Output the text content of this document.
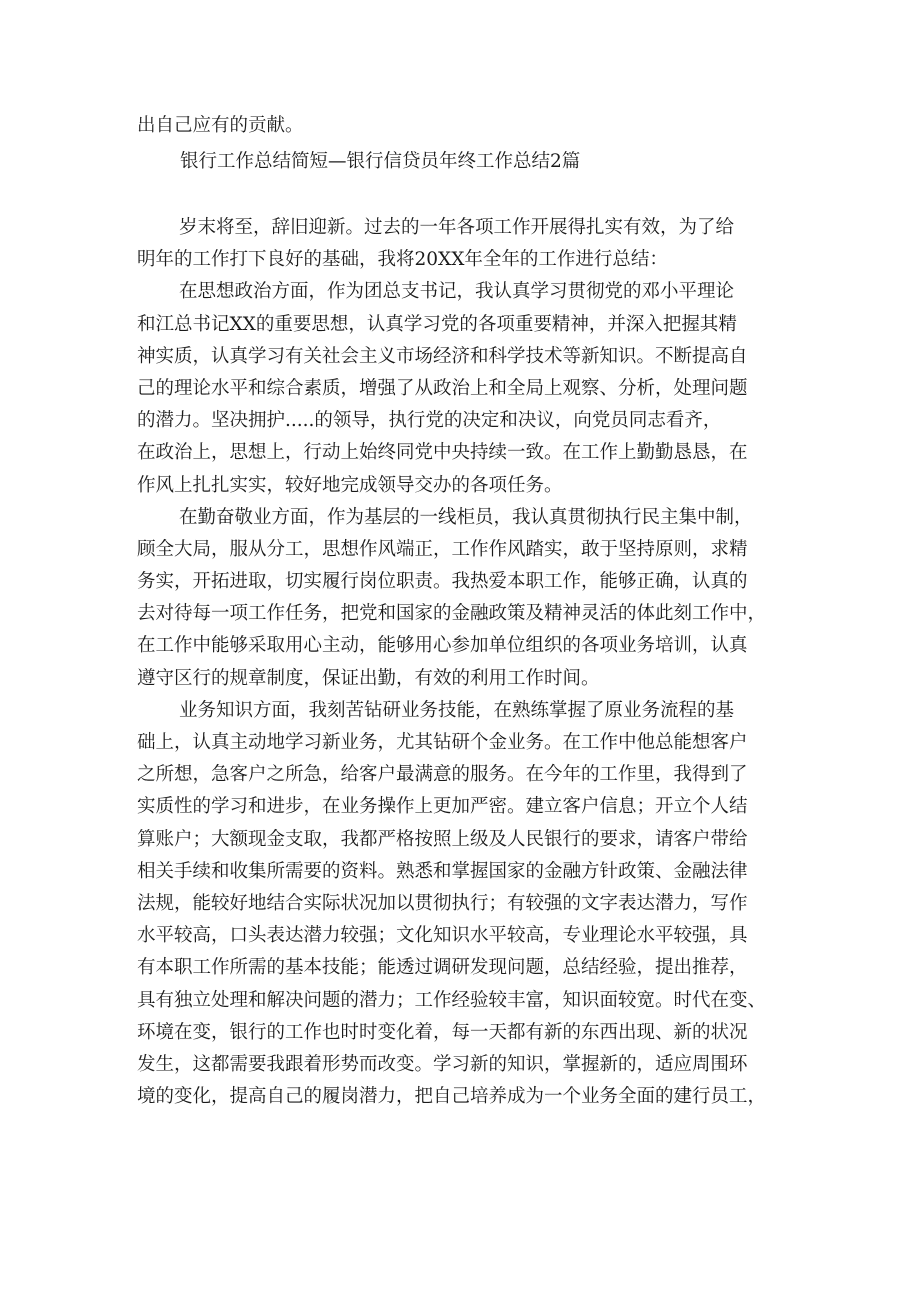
出自己应有的贡献。
银行工作总结简短—银行信贷员年终工作总结2篇
岁末将至，辞旧迎新。过去的一年各项工作开展得扎实有效，为了给
明年的工作打下良好的基础，我将20XX年全年的工作进行总结：
在思想政治方面，作为团总支书记，我认真学习贯彻党的邓小平理论
和江总书记XX的重要思想，认真学习党的各项重要精神，并深入把握其精
神实质，认真学习有关社会主义市场经济和科学技术等新知识。不断提高自
己的理论水平和综合素质，增强了从政治上和全局上观察、分析，处理问题
的潜力。坚决拥护.....的领导，执行党的决定和决议，向党员同志看齐，
在政治上，思想上，行动上始终同党中央持续一致。在工作上勤勤恳恳，在
作风上扎扎实实，较好地完成领导交办的各项任务。
在勤奋敬业方面，作为基层的一线柜员，我认真贯彻执行民主集中制，
顾全大局，服从分工，思想作风端正，工作作风踏实，敢于坚持原则，求精
务实，开拓进取，切实履行岗位职责。我热爱本职工作，能够正确，认真的
去对待每一项工作任务，把党和国家的金融政策及精神灵活的体此刻工作中，
在工作中能够采取用心主动，能够用心参加单位组织的各项业务培训，认真
遵守区行的规章制度，保证出勤，有效的利用工作时间。
业务知识方面，我刻苦钻研业务技能，在熟练掌握了原业务流程的基
础上，认真主动地学习新业务，尤其钻研个金业务。在工作中他总能想客户
之所想，急客户之所急，给客户最满意的服务。在今年的工作里，我得到了
实质性的学习和进步，在业务操作上更加严密。建立客户信息；开立个人结
算账户；大额现金支取，我都严格按照上级及人民银行的要求，请客户带给
相关手续和收集所需要的资料。熟悉和掌握国家的金融方针政策、金融法律
法规，能较好地结合实际状况加以贯彻执行；有较强的文字表达潜力，写作
水平较高，口头表达潜力较强；文化知识水平较高，专业理论水平较强，具
有本职工作所需的基本技能；能透过调研发现问题，总结经验，提出推荐，
具有独立处理和解决问题的潜力；工作经验较丰富，知识面较宽。时代在变、
环境在变，银行的工作也时时变化着，每一天都有新的东西出现、新的状况
发生，这都需要我跟着形势而改变。学习新的知识，掌握新的，适应周围环
境的变化，提高自己的履岗潜力，把自己培养成为一个业务全面的建行员工，
